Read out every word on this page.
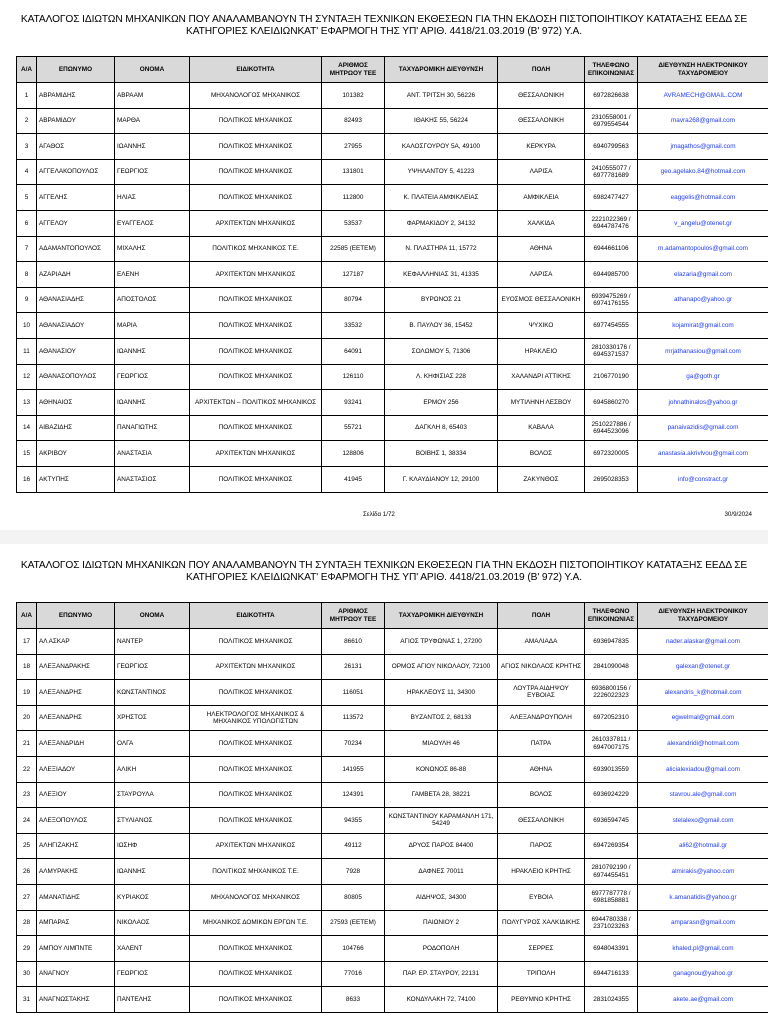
ΚΑΤΑΛΟΓΟΣ ΙΔΙΩΤΩΝ ΜΗΧΑΝΙΚΩΝ ΠΟΥ ΑΝΑΛΑΜΒΑΝΟΥΝ ΤΗ ΣΥΝΤΑΞΗ ΤΕΧΝΙΚΩΝ ΕΚΘΕΣΕΩΝ ΓΙΑ ΤΗΝ ΕΚΔΟΣΗ ΠΙΣΤΟΠΟΙΗΤΙΚΟΥ ΚΑΤΑΤΑΞΗΣ ΕΕΔΔ ΣΕ
ΚΑΤΗΓΟΡΙΕΣ ΚΛΕΙΔΙΩΝΚΑΤ' ΕΦΑΡΜΟΓΗ ΤΗΣ ΥΠ' ΑΡΙΘ. 4418/21.03.2019 (Β' 972) Υ.Α.
Α/Α	ΕΠΩΝΥΜΟ	ΟΝΟΜΑ	ΕΙΔΙΚΟΤΗΤΑ	ΑΡΙΘΜΟΣ ΜΗΤΡΩΟΥ ΤΕΕ	ΤΑΧΥΔΡΟΜΙΚΗ ΔΙΕΥΘΥΝΣΗ	ΠΟΛΗ	ΤΗΛΕΦΩΝΟ ΕΠΙΚΟΙΝΩΝΙΑΣ	ΔΙΕΥΘΥΝΣΗ ΗΛΕΚΤΡΟΝΙΚΟΥ ΤΑΧΥΔΡΟΜΕΙΟΥ
1	ΑΒΡΑΜΙΔΗΣ	ΑΒΡΑΑΜ	ΜΗΧΑΝΟΛΟΓΟΣ ΜΗΧΑΝΙΚΟΣ	101382	ΑΝΤ. ΤΡΙΤΣΗ 30, 56226	ΘΕΣΣΑΛΟΝΙΚΗ	6972826638	AVRAMECH@GMAIL.COM
2	ΑΒΡΑΜΙΔΟΥ	ΜΑΡΘΑ	ΠΟΛΙΤΙΚΟΣ ΜΗΧΑΝΙΚΟΣ	82493	ΙΘΑΚΗΣ 55, 56224	ΘΕΣΣΑΛΟΝΙΚΗ	2310558001 / 6979554544	mavra268@gmail.com
3	ΑΓΑΘΟΣ	ΙΩΑΝΝΗΣ	ΠΟΛΙΤΙΚΟΣ ΜΗΧΑΝΙΚΟΣ	27955	ΚΑΛΟΣΓΟΥΡΟΥ 5Α, 49100	ΚΕΡΚΥΡΑ	6940799563	jmagathos@gmail.com
4	ΑΓΓΕΛΑΚΟΠΟΥΛΟΣ	ΓΕΩΡΓΙΟΣ	ΠΟΛΙΤΙΚΟΣ ΜΗΧΑΝΙΚΟΣ	131801	ΥΨΗΛΑΝΤΟΥ 5, 41223	ΛΑΡΙΣΑ	2410555077 / 6977781689	geo.agelako.84@hotmail.com
5	ΑΓΓΕΛΗΣ	ΗΛΙΑΣ	ΠΟΛΙΤΙΚΟΣ ΜΗΧΑΝΙΚΟΣ	112800	Κ. ΠΛΑΤΕΙΑ ΑΜΦΙΚΛΕΙΑΣ	ΑΜΦΙΚΛΕΙΑ	6982477427	eaggelis@hotmail.com
6	ΑΓΓΕΛΟΥ	ΕΥΑΓΓΕΛΟΣ	ΑΡΧΙΤΕΚΤΩΝ ΜΗΧΑΝΙΚΟΣ	53537	ΦΑΡΜΑΚΙΔΟΥ 2, 34132	ΧΑΛΚΙΔΑ	2221022369 / 6944787476	v_angelu@otenet.gr
7	ΑΔΑΜΑΝΤΟΠΟΥΛΟΣ	ΜΙΧΑΛΗΣ	ΠΟΛΙΤΙΚΟΣ ΜΗΧΑΝΙΚΟΣ Τ.Ε.	22585 (ΕΕΤΕΜ)	Ν. ΠΛΑΣΤΗΡΑ 11, 15772	ΑΘΗΝΑ	6944661106	m.adamantopoulos@gmail.com
8	ΑΖΑΡΙΑΔΗ	ΕΛΕΝΗ	ΑΡΧΙΤΕΚΤΩΝ ΜΗΧΑΝΙΚΟΣ	127187	ΚΕΦΑΛΛΗΝΙΑΣ 31, 41335	ΛΑΡΙΣΑ	6944985700	elazaria@gmail.com
9	ΑΘΑΝΑΣΙΑΔΗΣ	ΑΠΟΣΤΟΛΟΣ	ΠΟΛΙΤΙΚΟΣ ΜΗΧΑΝΙΚΟΣ	80794	ΒΥΡΩΝΟΣ 21	ΕΥΟΣΜΟΣ ΘΕΣΣΑΛΟΝΙΚΗ	6939475269 / 6974176155	athanapo@yahoo.gr
10	ΑΘΑΝΑΣΙΑΔΟΥ	ΜΑΡΙΑ	ΠΟΛΙΤΙΚΟΣ ΜΗΧΑΝΙΚΟΣ	33532	Β. ΠΑΥΛΟΥ 36, 15452	ΨΥΧΙΚΟ	6977454555	kojamirat@gmail.com
11	ΑΘΑΝΑΣΙΟΥ	ΙΩΑΝΝΗΣ	ΠΟΛΙΤΙΚΟΣ ΜΗΧΑΝΙΚΟΣ	64091	ΣΟΛΩΜΟΥ 5, 71306	ΗΡΑΚΛΕΙΟ	2810330176 / 6945371537	mrjathanasiou@gmail.com
12	ΑΘΑΝΑΣΟΠΟΥΛΟΣ	ΓΕΩΡΓΙΟΣ	ΠΟΛΙΤΙΚΟΣ ΜΗΧΑΝΙΚΟΣ	126110	Λ. ΚΗΦΙΣΙΑΣ 228	ΧΑΛΑΝΔΡΙ ΑΤΤΙΚΗΣ	2106770190	ga@goth.gr
13	ΑΘΗΝΑΙΟΣ	ΙΩΑΝΝΗΣ	ΑΡΧΙΤΕΚΤΩΝ – ΠΟΛΙΤΙΚΟΣ ΜΗΧΑΝΙΚΟΣ	93241	ΕΡΜΟΥ 256	ΜΥΤΙΛΗΝΗ ΛΕΣΒΟΥ	6945860270	johnathinalos@yahoo.gr
14	ΑΙΒΑΖΙΔΗΣ	ΠΑΝΑΓΙΩΤΗΣ	ΠΟΛΙΤΙΚΟΣ ΜΗΧΑΝΙΚΟΣ	55721	ΔΑΓΚΛΗ 8, 65403	ΚΑΒΑΛΑ	2510227886 / 6944523096	panaivazidis@gmail.com
15	ΑΚΡΙΒΟΥ	ΑΝΑΣΤΑΣΙΑ	ΑΡΧΙΤΕΚΤΩΝ ΜΗΧΑΝΙΚΟΣ	128806	ΒΟΙΒΗΣ 1, 38334	ΒΟΛΟΣ	6972320005	anastasia.akrivlvou@gmail.com
16	ΑΚΤΥΠΗΣ	ΑΝΑΣΤΑΣΙΟΣ	ΠΟΛΙΤΙΚΟΣ ΜΗΧΑΝΙΚΟΣ	41945	Γ. ΚΛΑΥΔΙΑΝΟΥ 12, 29100	ΖΑΚΥΝΘΟΣ	2695028353	info@constract.gr
Σελίδα 1/72	30/9/2024
ΚΑΤΑΛΟΓΟΣ ΙΔΙΩΤΩΝ ΜΗΧΑΝΙΚΩΝ ΠΟΥ ΑΝΑΛΑΜΒΑΝΟΥΝ ΤΗ ΣΥΝΤΑΞΗ ΤΕΧΝΙΚΩΝ ΕΚΘΕΣΕΩΝ ΓΙΑ ΤΗΝ ΕΚΔΟΣΗ ΠΙΣΤΟΠΟΙΗΤΙΚΟΥ ΚΑΤΑΤΑΞΗΣ ΕΕΔΔ ΣΕ
ΚΑΤΗΓΟΡΙΕΣ ΚΛΕΙΔΙΩΝΚΑΤ' ΕΦΑΡΜΟΓΗ ΤΗΣ ΥΠ' ΑΡΙΘ. 4418/21.03.2019 (Β' 972) Υ.Α.
Α/Α	ΕΠΩΝΥΜΟ	ΟΝΟΜΑ	ΕΙΔΙΚΟΤΗΤΑ	ΑΡΙΘΜΟΣ ΜΗΤΡΩΟΥ ΤΕΕ	ΤΑΧΥΔΡΟΜΙΚΗ ΔΙΕΥΘΥΝΣΗ	ΠΟΛΗ	ΤΗΛΕΦΩΝΟ ΕΠΙΚΟΙΝΩΝΙΑΣ	ΔΙΕΥΘΥΝΣΗ ΗΛΕΚΤΡΟΝΙΚΟΥ ΤΑΧΥΔΡΟΜΕΙΟΥ
17	ΑΛ ΑΣΚΑΡ	ΝΑΝΤΕΡ	ΠΟΛΙΤΙΚΟΣ ΜΗΧΑΝΙΚΟΣ	86610	ΑΓΙΟΣ ΤΡΥΦΩΝΑΣ 1, 27200	ΑΜΑΛΙΑΔΑ	6936947835	nader.alaskar@gmail.com
18	ΑΛΕΞΑΝΔΡΑΚΗΣ	ΓΕΩΡΓΙΟΣ	ΑΡΧΙΤΕΚΤΩΝ ΜΗΧΑΝΙΚΟΣ	26131	ΟΡΜΟΣ ΑΓΙΟΥ ΝΙΚΟΛΑΟΥ, 72100	ΑΓΙΟΣ ΝΙΚΟΛΑΟΣ ΚΡΗΤΗΣ	2841090048	galexan@otenet.gr
19	ΑΛΕΞΑΝΔΡΗΣ	ΚΩΝΣΤΑΝΤΙΝΟΣ	ΠΟΛΙΤΙΚΟΣ ΜΗΧΑΝΙΚΟΣ	116051	ΗΡΑΚΛΕΟΥΣ 11, 34300	ΛΟΥΤΡΑ ΑΙΔΗΨΟΥ ΕΥΒΟΙΑΣ	6936800156 / 2226022323	alexandris_k@hotmail.com
20	ΑΛΕΞΑΝΔΡΗΣ	ΧΡΗΣΤΟΣ	ΗΛΕΚΤΡΟΛΟΓΟΣ ΜΗΧΑΝΙΚΟΣ & ΜΗΧΑΝΙΚΟΣ ΥΠΟΛΟΓΙΣΤΩΝ	113572	ΒΥΖΑΝΤΟΣ 2, 68133	ΑΛΕΞΑΝΔΡΟΥΠΟΛΗ	6972052310	egwelmal@gmail.com
21	ΑΛΕΞΑΝΔΡΙΔΗ	ΟΛΓΑ	ΠΟΛΙΤΙΚΟΣ ΜΗΧΑΝΙΚΟΣ	70234	ΜΙΑΟΥΛΗ 46	ΠΑΤΡΑ	2610337811 / 6947007175	alexandridi@hotmail.com
22	ΑΛΕΞΙΑΔΟΥ	ΑΛΙΚΗ	ΠΟΛΙΤΙΚΟΣ ΜΗΧΑΝΙΚΟΣ	141955	ΚΟΝΩΝΟΣ 86-88	ΑΘΗΝΑ	6939013559	alicialexiadou@gmail.com
23	ΑΛΕΞΙΟΥ	ΣΤΑΥΡΟΥΛΑ	ΠΟΛΙΤΙΚΟΣ ΜΗΧΑΝΙΚΟΣ	124391	ΓΑΜΒΕΤΑ 28, 38221	ΒΟΛΟΣ	6936924229	stavrou.ale@gmail.com
24	ΑΛΕΞΟΠΟΥΛΟΣ	ΣΤΥΛΙΑΝΟΣ	ΠΟΛΙΤΙΚΟΣ ΜΗΧΑΝΙΚΟΣ	94355	ΚΩΝΣΤΑΝΤΙΝΟΥ ΚΑΡΑΜΑΝΛΗ 171, 54249	ΘΕΣΣΑΛΟΝΙΚΗ	6936594745	stelalexo@gmail.com
25	ΑΛΗΓΙΖΑΚΗΣ	ΙΩΣΗΦ	ΑΡΧΙΤΕΚΤΩΝ ΜΗΧΑΝΙΚΟΣ	49112	ΔΡΥΟΣ ΠΑΡΟΣ 84400	ΠΑΡΟΣ	6947269354	ali62@hotmail.gr
26	ΑΛΜΥΡΑΚΗΣ	ΙΩΑΝΝΗΣ	ΠΟΛΙΤΙΚΟΣ ΜΗΧΑΝΙΚΟΣ Τ.Ε.	7928	ΔΑΦΝΕΣ 70011	ΗΡΑΚΛΕΙΟ ΚΡΗΤΗΣ	2810792190 / 6974455451	almirakis@yahoo.com
27	ΑΜΑΝΑΤΙΔΗΣ	ΚΥΡΙΑΚΟΣ	ΜΗΧΑΝΟΛΟΓΟΣ ΜΗΧΑΝΙΚΟΣ	80805	ΑΙΔΗΨΟΣ, 34300	ΕΥΒΟΙΑ	6977787778 / 6981858881	k.amanatidis@yahoo.gr
28	ΑΜΠΑΡΑΣ	ΝΙΚΟΛΑΟΣ	ΜΗΧΑΝΙΚΟΣ ΔΟΜΙΚΩΝ ΕΡΓΩΝ Τ.Ε.	27593 (ΕΕΤΕΜ)	ΠΑΙΩΝΙΟΥ 2	ΠΟΛΥΓΥΡΟΣ ΧΑΛΚΙΔΙΚΗΣ	6944780338 / 2371023263	amparasn@gmail.com
29	ΑΜΠΟΥ ΛΙΜΠΝΤΕ	ΧΑΛΕΝΤ	ΠΟΛΙΤΙΚΟΣ ΜΗΧΑΝΙΚΟΣ	104766	ΡΟΔΟΠΟΛΗ	ΣΕΡΡΕΣ	6948043391	khaled.pl@gmail.com
30	ΑΝΑΓΝΟΥ	ΓΕΩΡΓΙΟΣ	ΠΟΛΙΤΙΚΟΣ ΜΗΧΑΝΙΚΟΣ	77016	ΠΑΡ. ΕΡ. ΣΤΑΥΡΟΥ, 22131	ΤΡΙΠΟΛΗ	6944716133	ganagnou@yahoo.gr
31	ΑΝΑΓΝΩΣΤΑΚΗΣ	ΠΑΝΤΕΛΗΣ	ΠΟΛΙΤΙΚΟΣ ΜΗΧΑΝΙΚΟΣ	8633	ΚΟΝΔΥΛΑΚΗ 72, 74100	ΡΕΘΥΜΝΟ ΚΡΗΤΗΣ	2831024355	akete.ae@gmail.com
